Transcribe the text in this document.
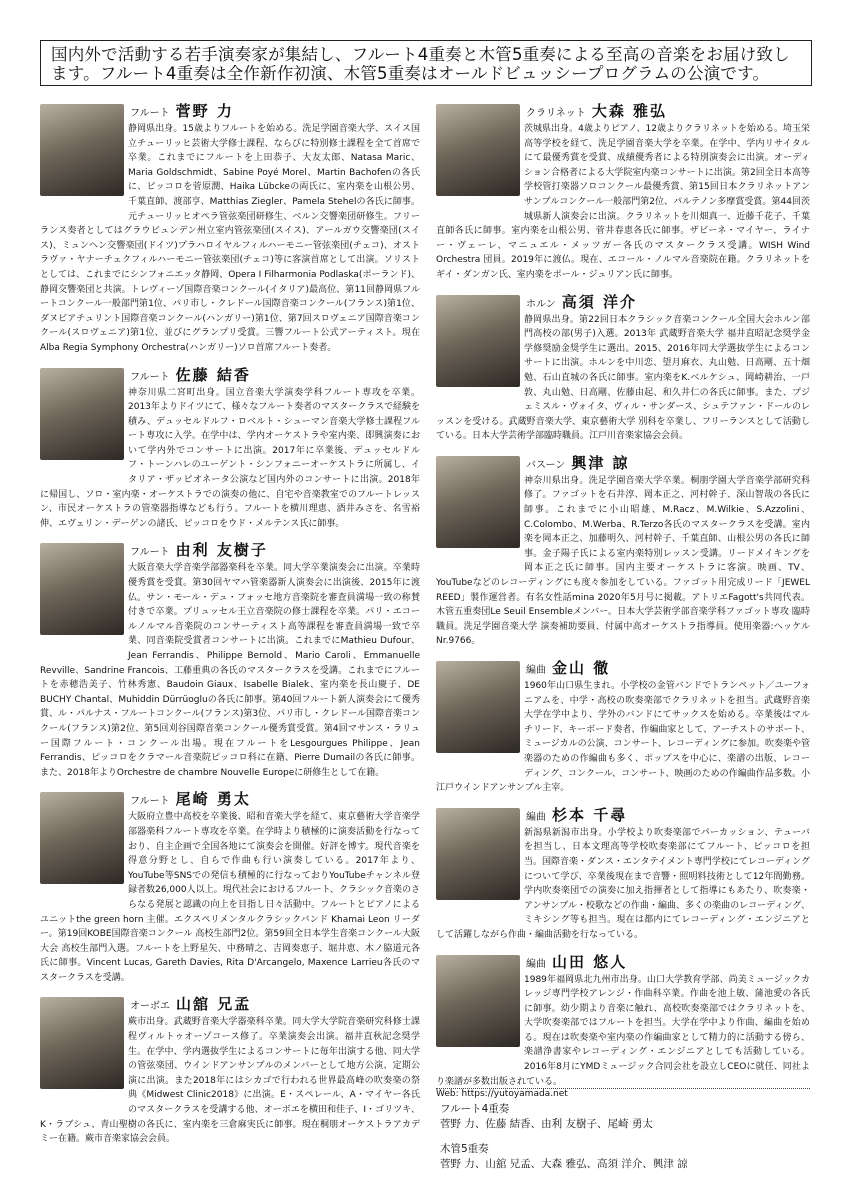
国内外で活動する若手演奏家が集結し、フルート4重奏と木管5重奏による至高の音楽をお届け致します。フルート4重奏は全作新作初演、木管5重奏はオールドビュッシープログラムの公演です。
フルート 菅野 力

静岡県出身。15歳よりフルートを始める。洗足学園音楽大学、スイス国立チューリッヒ芸術大学修士課程、ならびに特別修士課程を全て首席で卒業。これまでにフルートを上田恭子、大友太郎、Natasa Maric、Maria Goldschmidt、Sabine Poyé Morel、Martin Bachofenの各氏に、ピッコロを菅原潤、Haika Lübckeの両氏に、室内楽を山根公男、千葉直師、渡部亨、Matthias Ziegler、Pamela Stehelの各氏に師事。元チューリッヒオペラ管弦楽団研修生、ベルン交響楽団研修生。フリーランス奏者としてはグラウビュンデン州立室内管弦楽団(スイス)、アールガウ交響楽団(スイス)、ミュンヘン交響楽団(ドイツ)プラハロイヤルフィルハーモニー管弦楽団(チェコ)、オストラヴァ・ヤナーチェクフィルハーモニー管弦楽団(チェコ)等に客演首席として出演。ソリストとしては、これまでにシンフォニエッタ静岡、Opera I Filharmonia Podlaska(ポーランド)、静岡交響楽団と共演。トレヴィーゾ国際音楽コンクール(イタリア)最高位、第11回静岡県フルートコンクール一般部門第1位、パリ市し・クレドール国際音楽コンクール(フランス)第1位、ダヌビアチュリント国際音楽コンクール(ハンガリー)第1位、第7回スロヴェニア国際音楽コンクール(スロヴェニア)第1位、並びにグランプリ受賞。三響フルート公式アーティスト。現在Alba Regia Symphony Orchestra(ハンガリー)ソロ首席フルート奏者。

フルート 佐藤 結香

神奈川県二宮町出身。国立音楽大学演奏学科フルート専攻を卒業。2013年よりドイツにて、様々なフルート奏者のマスタークラスで経験を積み、デュッセルドルフ・ロベルト・シューマン音楽大学修士課程フルート専攻に入学。在学中は、学内オーケストラや室内楽、即興演奏において学内外でコンサートに出演。2017年に卒業後、デュッセルドルフ・トーンハレのユーゲント・シンフォニーオーケストラに所属し、イタリア・ザッピオネータ公演など国内外のコンサートに出演。2018年に帰国し、ソロ・室内楽・オーケストラでの演奏の他に、自宅や音楽教室でのフルートレッスン、市民オーケストラの管楽器指導なども行う。フルートを横川理恵、酒井みさを、名雪裕伸、エヴェリン・デーゲンの諸氏、ピッコロをウド・メルテンス氏に師事。

フルート 由利 友樹子

大阪音楽大学音楽学部器楽科を卒業。同大学卒業演奏会に出演。卒業時優秀賞を受賞。第30回ヤマハ管楽器新人演奏会に出演後、2015年に渡仏。サン・モール・デュ・フォッセ地方音楽院を審査員満場一致の称賛付きで卒業。プリュッセル王立音楽院の修士課程を卒業。パリ・エコールノルマル音楽院のコンサーティスト高等課程を審査員満場一致で卒業、同音楽院受賞者コンサートに出演。これまでにMathieu Dufour、Jean Ferrandis、Philippe Bernold、Mario Caroli、Emmanuelle Revville、Sandrine Francois、工藤重典の各氏のマスタークラスを受講。これまでにフルートを赤穂浩美子、竹林秀憲、Baudoin Giaux、Isabelle Bialek、室内楽を長山慶子、DE BUCHY Chantal、Muhiddin Dürrüogluの各氏に師事。第40回フルート新人演奏会にて優秀賞、ル・パルナス・フルートコンクール(フランス)第3位、パリ市し・クレドール国際音楽コンクール(フランス)第2位、第5回刈谷国際音楽コンクール優秀賞受賞。第4回マサンス・ラリュー国際フルート・コンクール出場。現在フルートをLesgourgues Philippe、Jean Ferrandis、ピッコロをクラマール音楽院ピッコロ科に在籍、Pierre Dumailの各氏に師事。また、2018年よりOrchestre de chambre Nouvelle Europeに研修生として在籍。

フルート 尾崎 勇太

大阪府立豊中高校を卒業後、昭和音楽大学を経て、東京藝術大学音楽学部器楽科フルート専攻を卒業。在学時より積極的に演奏活動を行なっており、自主企画で全国各地にて演奏会を開催。好評を博す。現代音楽を得意分野とし、自らで作曲も行い演奏している。2017年より、YouTube等SNSでの発信も積極的に行なっておりYouTubeチャンネル登録者数26,000人以上。現代社会におけるフルート、クラシック音楽のさらなる発展と認識の向上を目指し日々活動中。フルートとピアノによるユニットthe green horn 主催。エクスペリメンタルクラシックバンド Khamai Leon リーダー。第19回KOBE国際音楽コンクール 高校生部門2位。第59回全日本学生音楽コンクール大阪大会 高校生部門入選。フルートを上野星矢、中務晴之、吉岡奏恵子、堀井恵、木ノ脇道元各氏に師事。Vincent Lucas, Gareth Davies, Rita D'Arcangelo, Maxence Larrieu各氏のマスタークラスを受講。

オーボエ 山舘 兄孟

蕨市出身。武蔵野音楽大学器楽科卒業。同大学大学院音楽研究科修士課程ヴィルトゥオーゾコース修了。卒業演奏会出演。福井直秋記念奨学生。在学中、学内選抜学生によるコンサートに毎年出演する他、同大学の管弦楽団、ウインドアンサンブルのメンバーとして地方公演、定期公演に出演。また2018年にはシカゴで行われる世界最高峰の吹奏楽の祭典《Midwest Clinic2018》に出演。E・スペレール、A・マイヤー各氏のマスタークラスを受講する他、オーボエを横田和佳子、I・ゴリツキ、K・ラブシュ、青山聖樹の各氏に、室内楽を三倉麻実氏に師事。現在桐朋オーケストラアカデミー在籍。蕨市音楽家協会会員。

クラリネット 大森 雅弘

茨城県出身。4歳よりピアノ、12歳よりクラリネットを始める。埼玉栄高等学校を経て、洗足学園音楽大学を卒業。在学中、学内リサイタルにて最優秀賞を受賞、成績優秀者による特別演奏会に出演。オーディション合格者による大学院室内楽コンサートに出演。第2回全日本高等学校管打楽器ソロコンクール最優秀賞、第15回日本クラリネットアンサンブルコンクール一般部門第2位、パルテノン多摩賞受賞。第44回茨城県新人演奏会に出演。クラリネットを川畑真一、近藤千花子、千葉直師各氏に師事。室内楽を山根公男、菅井春恵各氏に師事。ザビーネ・マイヤー、ライナー・ヴェーレ、マニュエル・メッツガー各氏のマスタークラス受講。WISH Wind Orchestra 団員。2019年に渡仏。現在、エコール・ノルマル音楽院在籍。クラリネットをギイ・ダンガン氏、室内楽をポール・ジュリアン氏に師事。

ホルン 高須 洋介

静岡県出身。第22回日本クラシック音楽コンクール全国大会ホルン部門高校の部(男子)入選。2013年 武蔵野音楽大学 福井直昭記念奨学金学修奨励金奨学生に選出。2015、2016年同大学選抜学生によるコンサートに出演。ホルンを中川恋、望月麻衣、丸山勉、日高剛、五十畑勉、石山直城の各氏に師事。室内楽をK.ベルケシュ、岡崎耕治、一戸敦、丸山勉、日高剛、佐藤由起、和久井仁の各氏に師事。また、プジェミスル・ヴォイタ、ヴィル・サンダース、シュテファン・ドールのレッスンを受ける。武蔵野音楽大学、東京藝術大学 別科を卒業し、フリーランスとして活動している。日本大学芸術学部臨時職員。江戸川音楽家協会会員。

バスーン 興津 諒

神奈川県出身。洗足学園音楽大学卒業。桐朋学園大学音楽学部研究科修了。ファゴットを石井淳、岡本正之、河村幹子、深山智哉の各氏に師事。これまでに小山昭雄、M.Racz、M.Wilkie、S.Azzolini、C.Colombo、M.Werba、R.Terzo各氏のマスタークラスを受講。室内楽を岡本正之、加藤明久、河村幹子、千葉直師、山根公男の各氏に師事。金子陽子氏による室内楽特別レッスン受講。リードメイキングを岡本正之氏に師事。国内主要オーケストラに客演。映画、TV、YouTubeなどのレコーディングにも度々参加をしている。ファゴット用完成リード「JEWEL REED」製作運営者。有名女性話mina 2020年5月号に掲載。アトリエFagott's共同代表。木管五重奏団Le Seuil Ensembleメンバー。日本大学芸術学部音楽学科ファゴット専攻 臨時職員。洗足学園音楽大学 演奏補助要員、付属中高オーケストラ指導員。使用楽器:ヘッケルNr.9766。

編曲 金山 徹

1960年山口県生まれ。小学校の金管バンドでトランペット／ユーフォニアムを、中学・高校の吹奏楽部でクラリネットを担当。武蔵野音楽大学在学中より、学外のバンドにてサックスを始める。卒業後はマルチリード、キーボード奏者、作編曲家として、アーチストのサポート、ミュージカルの公演、コンサート、レコーディングに参加。吹奏楽や管楽器のための作編曲も多く、ポップスを中心に、楽譜の出版、レコーディング、コンクール、コンサート、映画のための作編曲作品多数。小江戸ウインドアンサンブル主宰。

編曲 杉本 千尋

新潟県新潟市出身。小学校より吹奏楽部でパーカッション、テューバを担当し、日本文理高等学校吹奏楽部にてフルート、ピッコロを担当。国際音楽・ダンス・エンタテイメント専門学校にてレコーディングについて学び、卒業後現在まで音響・照明料技術として12年間勤務。学内吹奏楽団での演奏に加え指揮者として指導にもあたり、吹奏楽・アンサンブル・校歌などの作曲・編曲、多くの楽曲のレコーディング、ミキシング等も担当。現在は都内にてレコーディング・エンジニアとして活躍しながら作曲・編曲活動を行なっている。

編曲 山田 悠人

1989年福岡県北九州市出身。山口大学教育学部、尚美ミュージックカレッジ専門学校アレンジ・作曲科卒業。作曲を池上敏、蒲池愛の各氏に師事。幼少期より音楽に触れ、高校吹奏楽部ではクラリネットを、大学吹奏楽部ではフルートを担当。大学在学中より作曲、編曲を始める。現在は吹奏楽や室内楽の作編曲家として精力的に活動する傍ら、楽譜浄書家やレコーディング・エンジニアとしても活動している。2016年8月にYMDミュージック合同会社を設立しCEOに就任、同社より楽譜が多数出版されている。

Web: https://yutoyamada.net
フルート4重奏
菅野 力、佐藤 結香、由利 友樹子、尾崎 勇太
木管5重奏
菅野 力、山舘 兄孟、大森 雅弘、高須 洋介、興津 諒
